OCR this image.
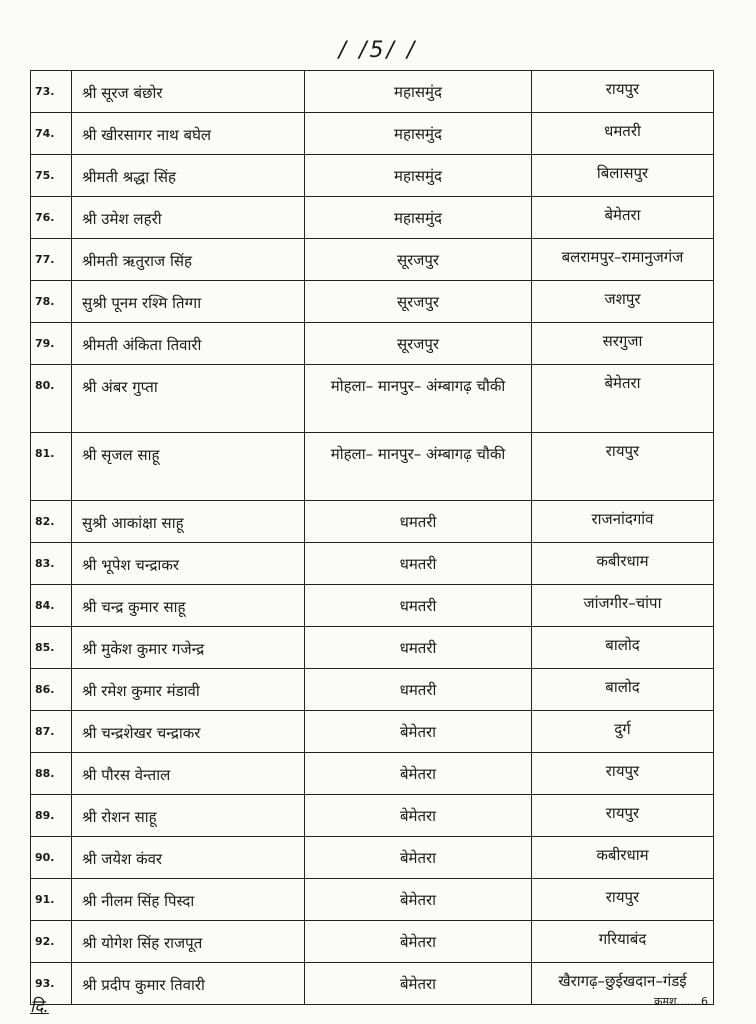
/ /5/ /
73.	श्री सूरज बंछोर	महासमुंद	रायपुर
74.	श्री खीरसागर नाथ बघेल	महासमुंद	धमतरी
75.	श्रीमती श्रद्धा सिंह	महासमुंद	बिलासपुर
76.	श्री उमेश लहरी	महासमुंद	बेमेतरा
77.	श्रीमती ऋतुराज सिंह	सूरजपुर	बलरामपुर–रामानुजगंज
78.	सुश्री पूनम रश्मि तिग्गा	सूरजपुर	जशपुर
79.	श्रीमती अंकिता तिवारी	सूरजपुर	सरगुजा
80.	श्री अंबर गुप्ता	मोहला– मानपुर– अंम्बागढ़ चौकी	बेमेतरा
81.	श्री सृजल साहू	मोहला– मानपुर– अंम्बागढ़ चौकी	रायपुर
82.	सुश्री आकांक्षा साहू	धमतरी	राजनांदगांव
83.	श्री भूपेश चन्द्राकर	धमतरी	कबीरधाम
84.	श्री चन्द्र कुमार साहू	धमतरी	जांजगीर–चांपा
85.	श्री मुकेश कुमार गजेन्द्र	धमतरी	बालोद
86.	श्री रमेश कुमार मंडावी	धमतरी	बालोद
87.	श्री चन्द्रशेखर चन्द्राकर	बेमेतरा	दुर्ग
88.	श्री पौरस वेन्ताल	बेमेतरा	रायपुर
89.	श्री रोशन साहू	बेमेतरा	रायपुर
90.	श्री जयेश कंवर	बेमेतरा	कबीरधाम
91.	श्री नीलम सिंह पिस्दा	बेमेतरा	रायपुर
92.	श्री योगेश सिंह राजपूत	बेमेतरा	गरियाबंद
93.	श्री प्रदीप कुमार तिवारी	बेमेतरा	खैरागढ़–छुईखदान–गंडई
दि.	क्रमश.......6
